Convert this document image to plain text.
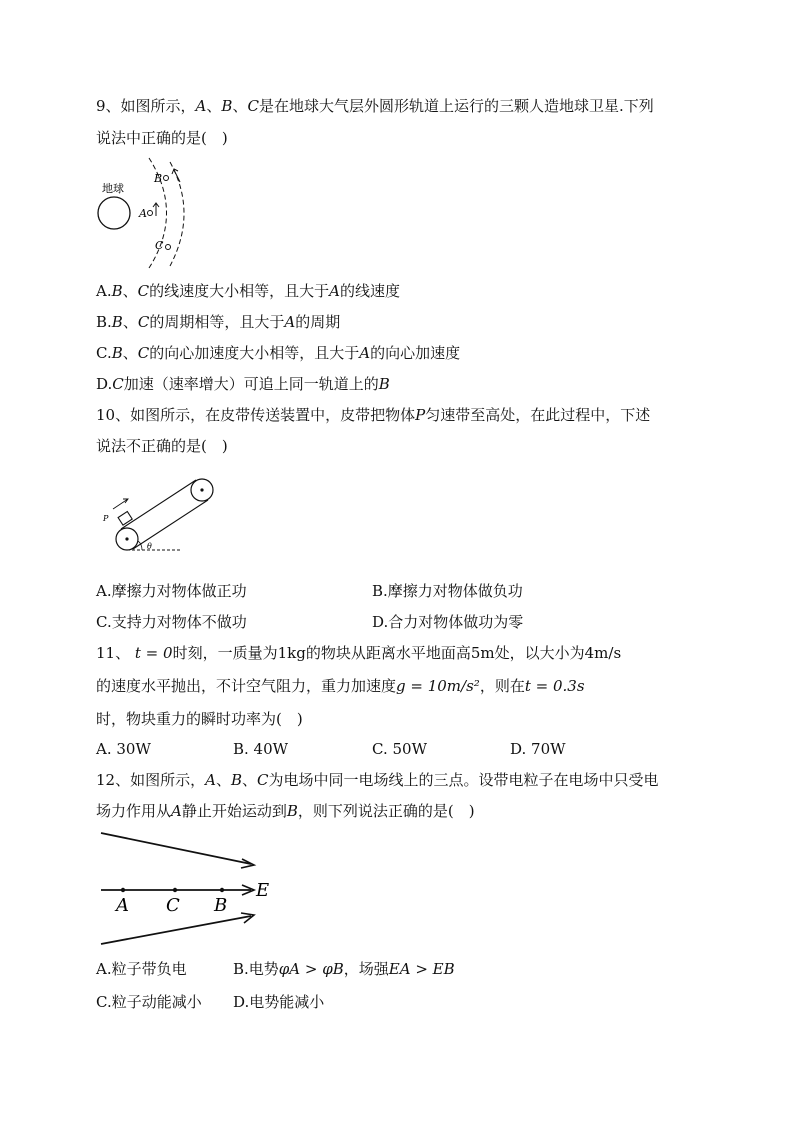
9、如图所示，A、B、C是在地球大气层外圆形轨道上运行的三颗人造地球卫星.下列
说法中正确的是(　)
地球
A
B
C
A.B、C的线速度大小相等，且大于A的线速度
B.B、C的周期相等，且大于A的周期
C.B、C的向心加速度大小相等，且大于A的向心加速度
D.C加速（速率增大）可追上同一轨道上的B
10、如图所示，在皮带传送装置中，皮带把物体P匀速带至高处，在此过程中，下述
说法不正确的是(　)
P
θ
A.摩擦力对物体做正功	B.摩擦力对物体做负功
C.支持力对物体不做功	D.合力对物体做功为零
11、 t = 0时刻，一质量为1kg的物块从距离水平地面高5m处，以大小为4m/s
的速度水平抛出，不计空气阻力，重力加速度g = 10m/s²，则在t = 0.3s
时，物块重力的瞬时功率为(　)
A. 30W	B. 40W	C. 50W	D. 70W
12、如图所示，A、B、C为电场中同一电场线上的三点。设带电粒子在电场中只受电
场力作用从A静止开始运动到B，则下列说法正确的是(　)
A C B
E
A.粒子带负电	B.电势φA > φB，场强EA > EB
C.粒子动能减小 D.电势能减小
